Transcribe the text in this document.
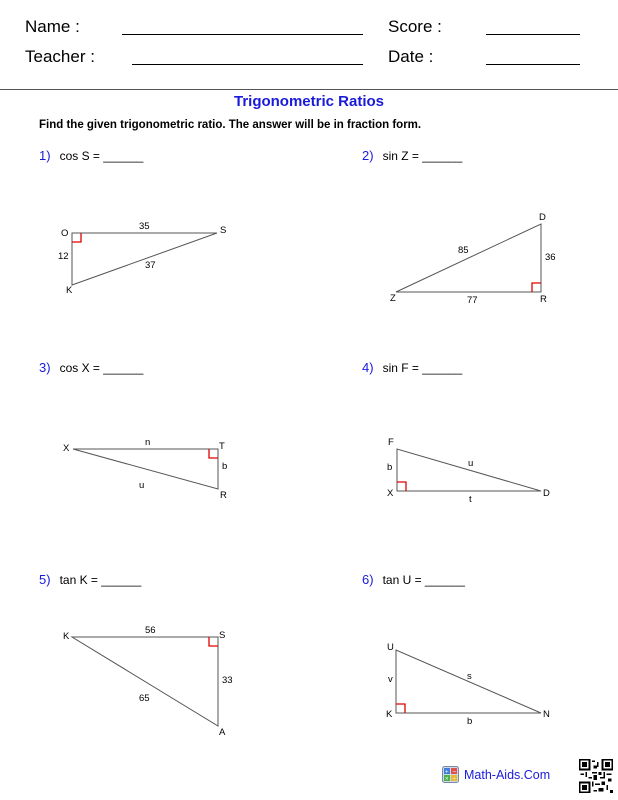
Name :
Teacher :
Score :
Date :
Trigonometric Ratios
Find the given trigonometric ratio. The answer will be in fraction form.
1) cos S = ______	2) sin Z = ______
3) cos X = ______	4) sin F = ______
5) tan K = ______	6) tan U = ______
O	S
K
35
12
37
D
R
Z
85
36
77
X	T
R
n
b
u
F
X	D
b	u
t
K	S
A
56
33
65
U
K	N
v	s
b
+ −
× ÷ Math-Aids.Com
